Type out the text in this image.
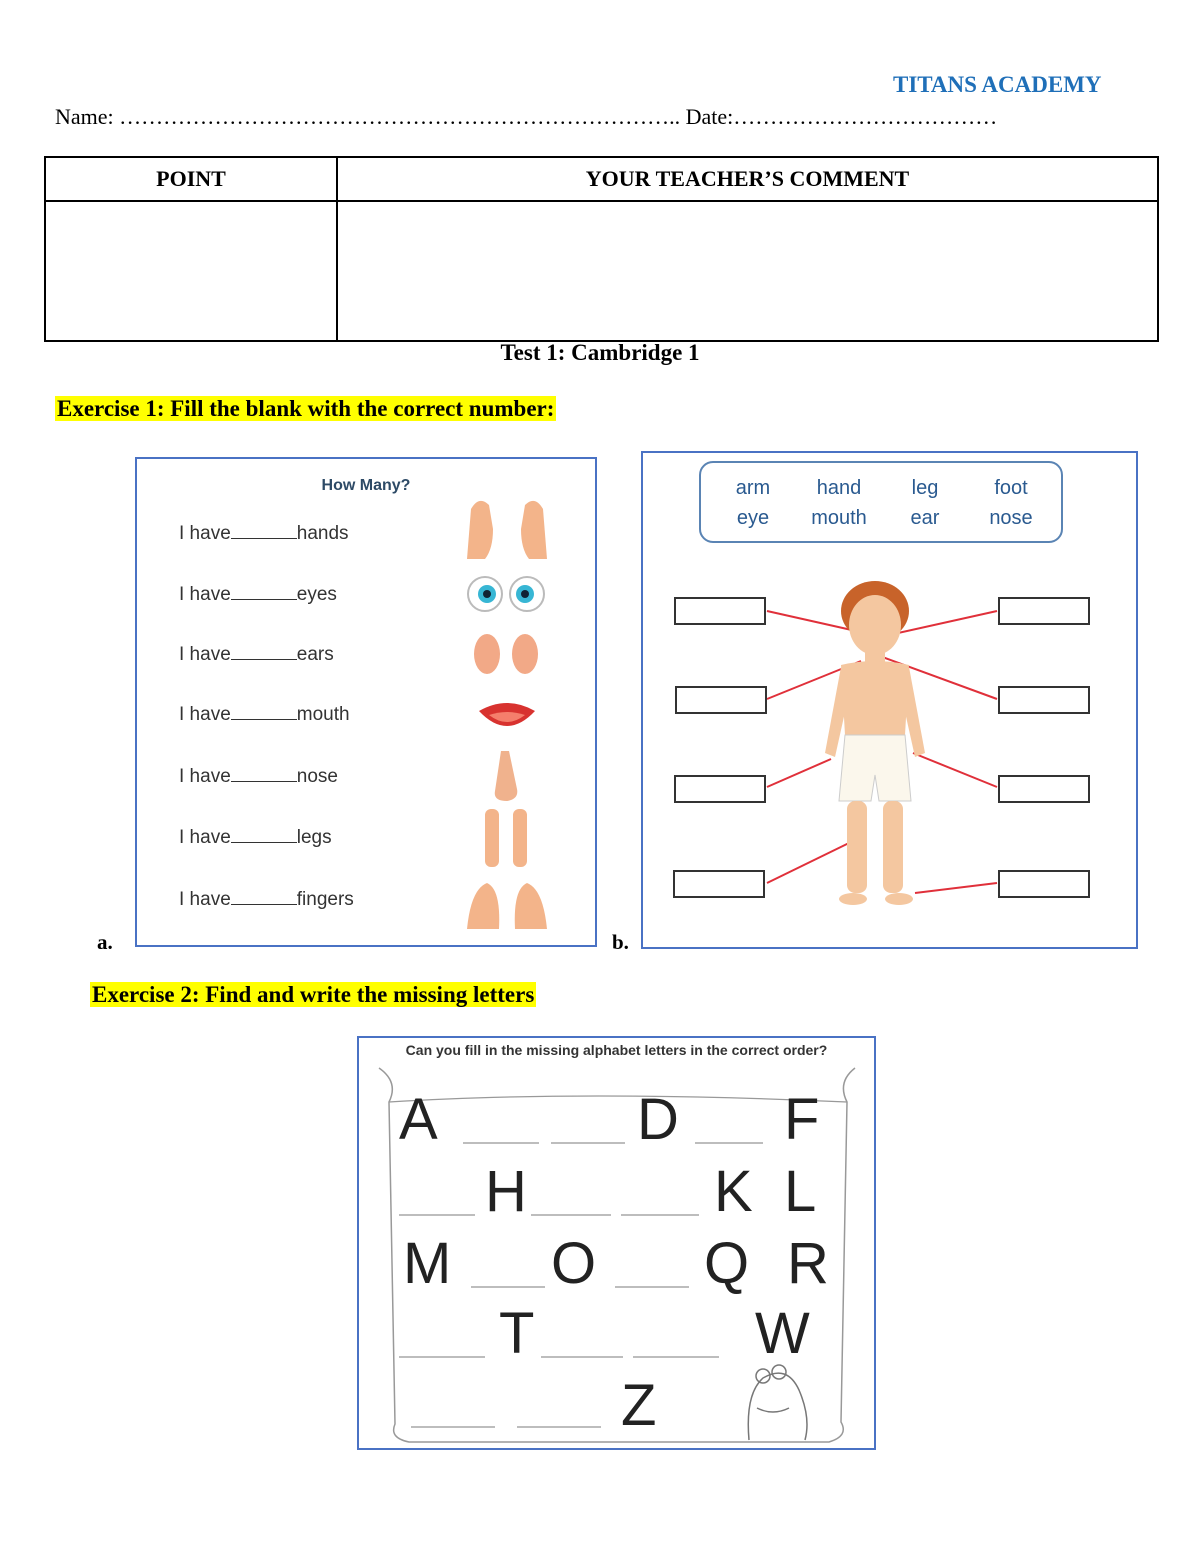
TITANS ACADEMY
Name: ………………………………………………………………….. Date:………………………………
POINT	YOUR TEACHER’S COMMENT

Test 1: Cambridge 1
Exercise 1: Fill the blank with the correct number:
a.	b.
How Many?
I have	hands
I have	eyes
I have	ears
I have	mouth
I have	nose
I have	legs
I have	fingers
arm	hand	leg	foot
eye	mouth	ear	nose
Exercise 2: Find and write the missing letters
Can you fill in the missing alphabet letters in the correct order?
A	D F
H	K L
M O Q R
T	W
Z
